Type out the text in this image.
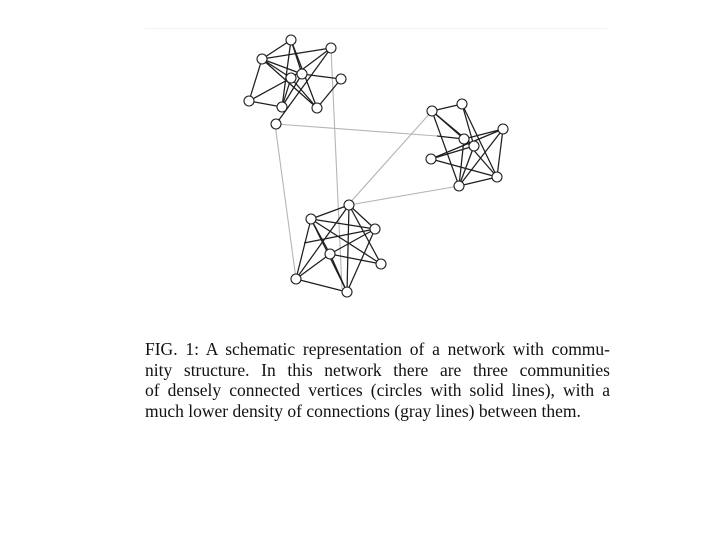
FIG. 1: A schematic representation of a network with commu-
nity structure. In this network there are three communities
of densely connected vertices (circles with solid lines), with a
much lower density of connections (gray lines) between them.
